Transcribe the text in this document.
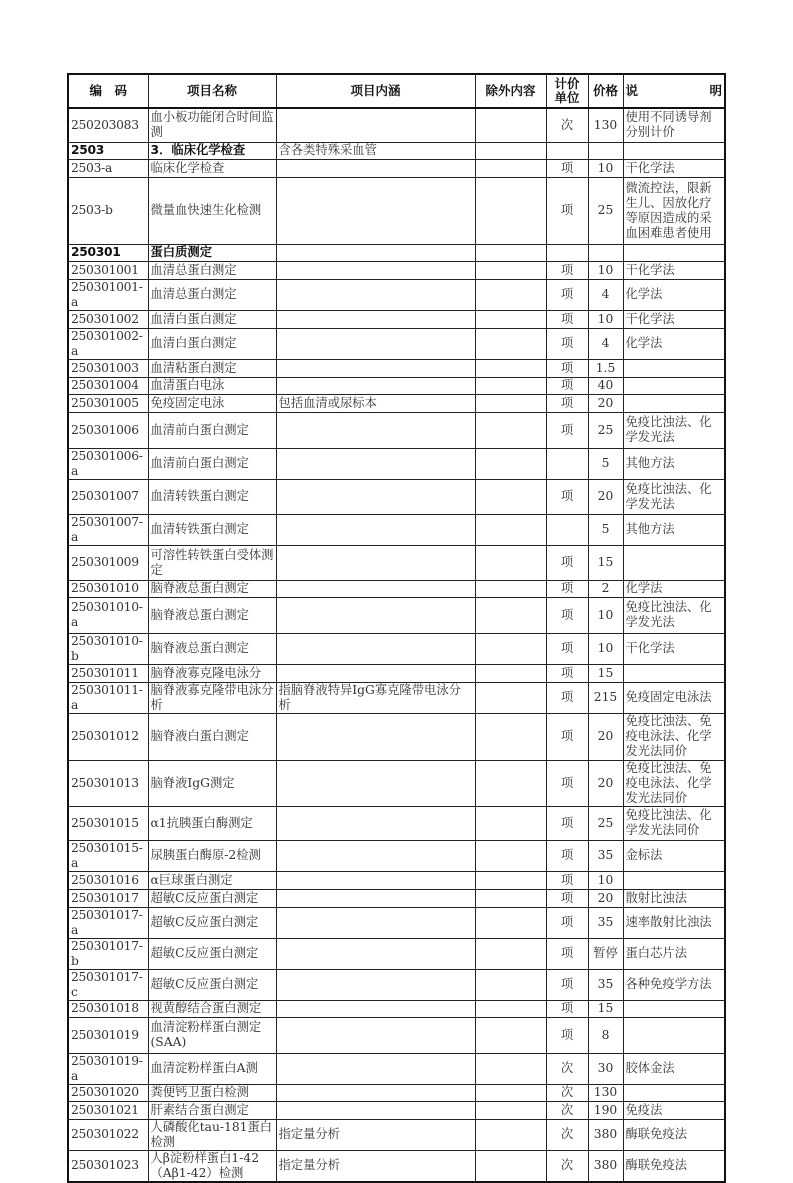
编　码	项目名称	项目内涵	除外内容	计价单位	价格	说 明

250203083	血小板功能闭合时间监测			次	130	使用不同诱导剂分别计价
2503	3．临床化学检查	含各类特殊采血管				
2503-a	临床化学检查			项	10	干化学法
2503-b	微量血快速生化检测			项	25	微流控法，限新生儿、因放化疗等原因造成的采血困难患者使用
250301	蛋白质测定					
250301001	血清总蛋白测定			项	10	干化学法
250301001-a	血清总蛋白测定			项	4	化学法
250301002	血清白蛋白测定			项	10	干化学法
250301002-a	血清白蛋白测定			项	4	化学法
250301003	血清粘蛋白测定			项	1.5	
250301004	血清蛋白电泳			项	40	
250301005	免疫固定电泳	包括血清或尿标本		项	20	
250301006	血清前白蛋白测定			项	25	免疫比浊法、化学发光法
250301006-a	血清前白蛋白测定				5	其他方法
250301007	血清转铁蛋白测定			项	20	免疫比浊法、化学发光法
250301007-a	血清转铁蛋白测定				5	其他方法
250301009	可溶性转铁蛋白受体测定			项	15	
250301010	脑脊液总蛋白测定			项	2	化学法
250301010-a	脑脊液总蛋白测定			项	10	免疫比浊法、化学发光法
250301010-b	脑脊液总蛋白测定			项	10	干化学法
250301011	脑脊液寡克隆电泳分			项	15	
250301011-a	脑脊液寡克隆带电泳分析	指脑脊液特异IgG寡克隆带电泳分析		项	215	免疫固定电泳法
250301012	脑脊液白蛋白测定			项	20	免疫比浊法、免疫电泳法、化学发光法同价
250301013	脑脊液IgG测定			项	20	免疫比浊法、免疫电泳法、化学发光法同价
250301015	α1抗胰蛋白酶测定			项	25	免疫比浊法、化学发光法同价
250301015-a	尿胰蛋白酶原-2检测			项	35	金标法
250301016	α巨球蛋白测定			项	10	
250301017	超敏C反应蛋白测定			项	20	散射比浊法
250301017-a	超敏C反应蛋白测定			项	35	速率散射比浊法
250301017-b	超敏C反应蛋白测定			项	暂停	蛋白芯片法
250301017-c	超敏C反应蛋白测定			项	35	各种免疫学方法
250301018	视黄醇结合蛋白测定			项	15	
250301019	血清淀粉样蛋白测定(SAA)			项	8	
250301019-a	血清淀粉样蛋白A测			次	30	胶体金法
250301020	粪便钙卫蛋白检测			次	130	
250301021	肝素结合蛋白测定			次	190	免疫法
250301022	人磷酸化tau-181蛋白检测	指定量分析		次	380	酶联免疫法
250301023	人β淀粉样蛋白1-42（Aβ1-42）检测	指定量分析		次	380	酶联免疫法
